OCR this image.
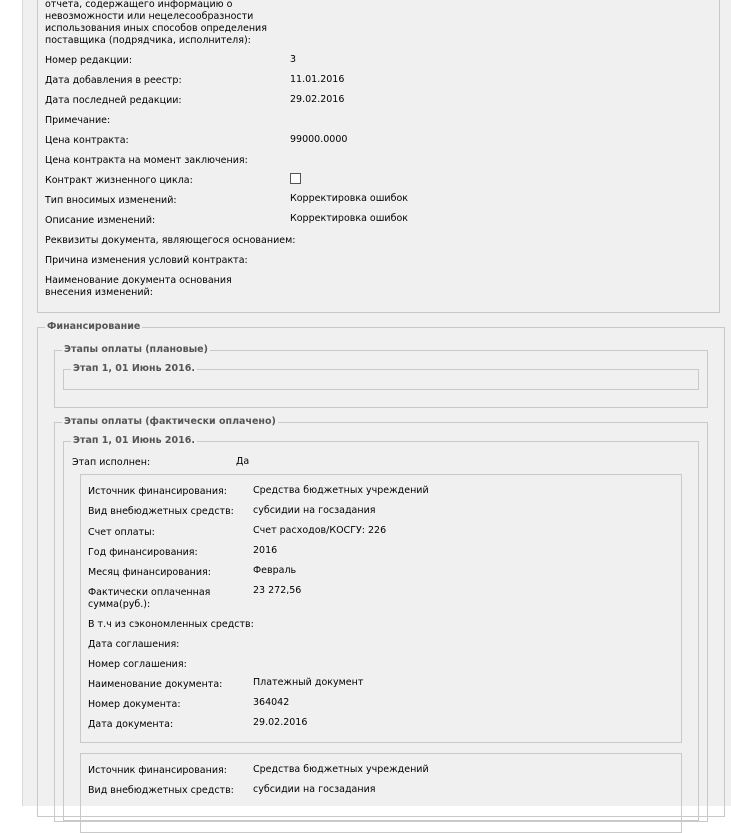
отчета, содержащего информацию о невозможности или нецелесообразности использования иных способов определения поставщика (подрядчика, исполнителя):
Номер редакции:	3
Дата добавления в реестр:	11.01.2016
Дата последней редакции:	29.02.2016
Примечание:
Цена контракта:	99000.0000
Цена контракта на момент заключения:
Контракт жизненного цикла:
Тип вносимых изменений:	Корректировка ошибок
Описание изменений:	Корректировка ошибок
Реквизиты документа, являющегося основанием:
Причина изменения условий контракта:
Наименование документа основания внесения изменений:
Финансирование
Этапы оплаты (плановые)
Этап 1, 01 Июнь 2016.
Этапы оплаты (фактически оплачено)
Этап 1, 01 Июнь 2016.
Этап исполнен:	Да
Источник финансирования:	Средства бюджетных учреждений
Вид внебюджетных средств: субсидии на госзадания
Счет оплаты:	Счет расходов/КОСГУ: 226
Год финансирования:	2016
Месяц финансирования:	Февраль
Фактически оплаченная сумма(руб.):
23 272,56
В т.ч из сэкономленных средств:
Дата соглашения:
Номер соглашения:
Наименование документа:	Платежный документ
Номер документа:	364042
Дата документа:	29.02.2016
Источник финансирования:	Средства бюджетных учреждений
Вид внебюджетных средств: субсидии на госзадания
